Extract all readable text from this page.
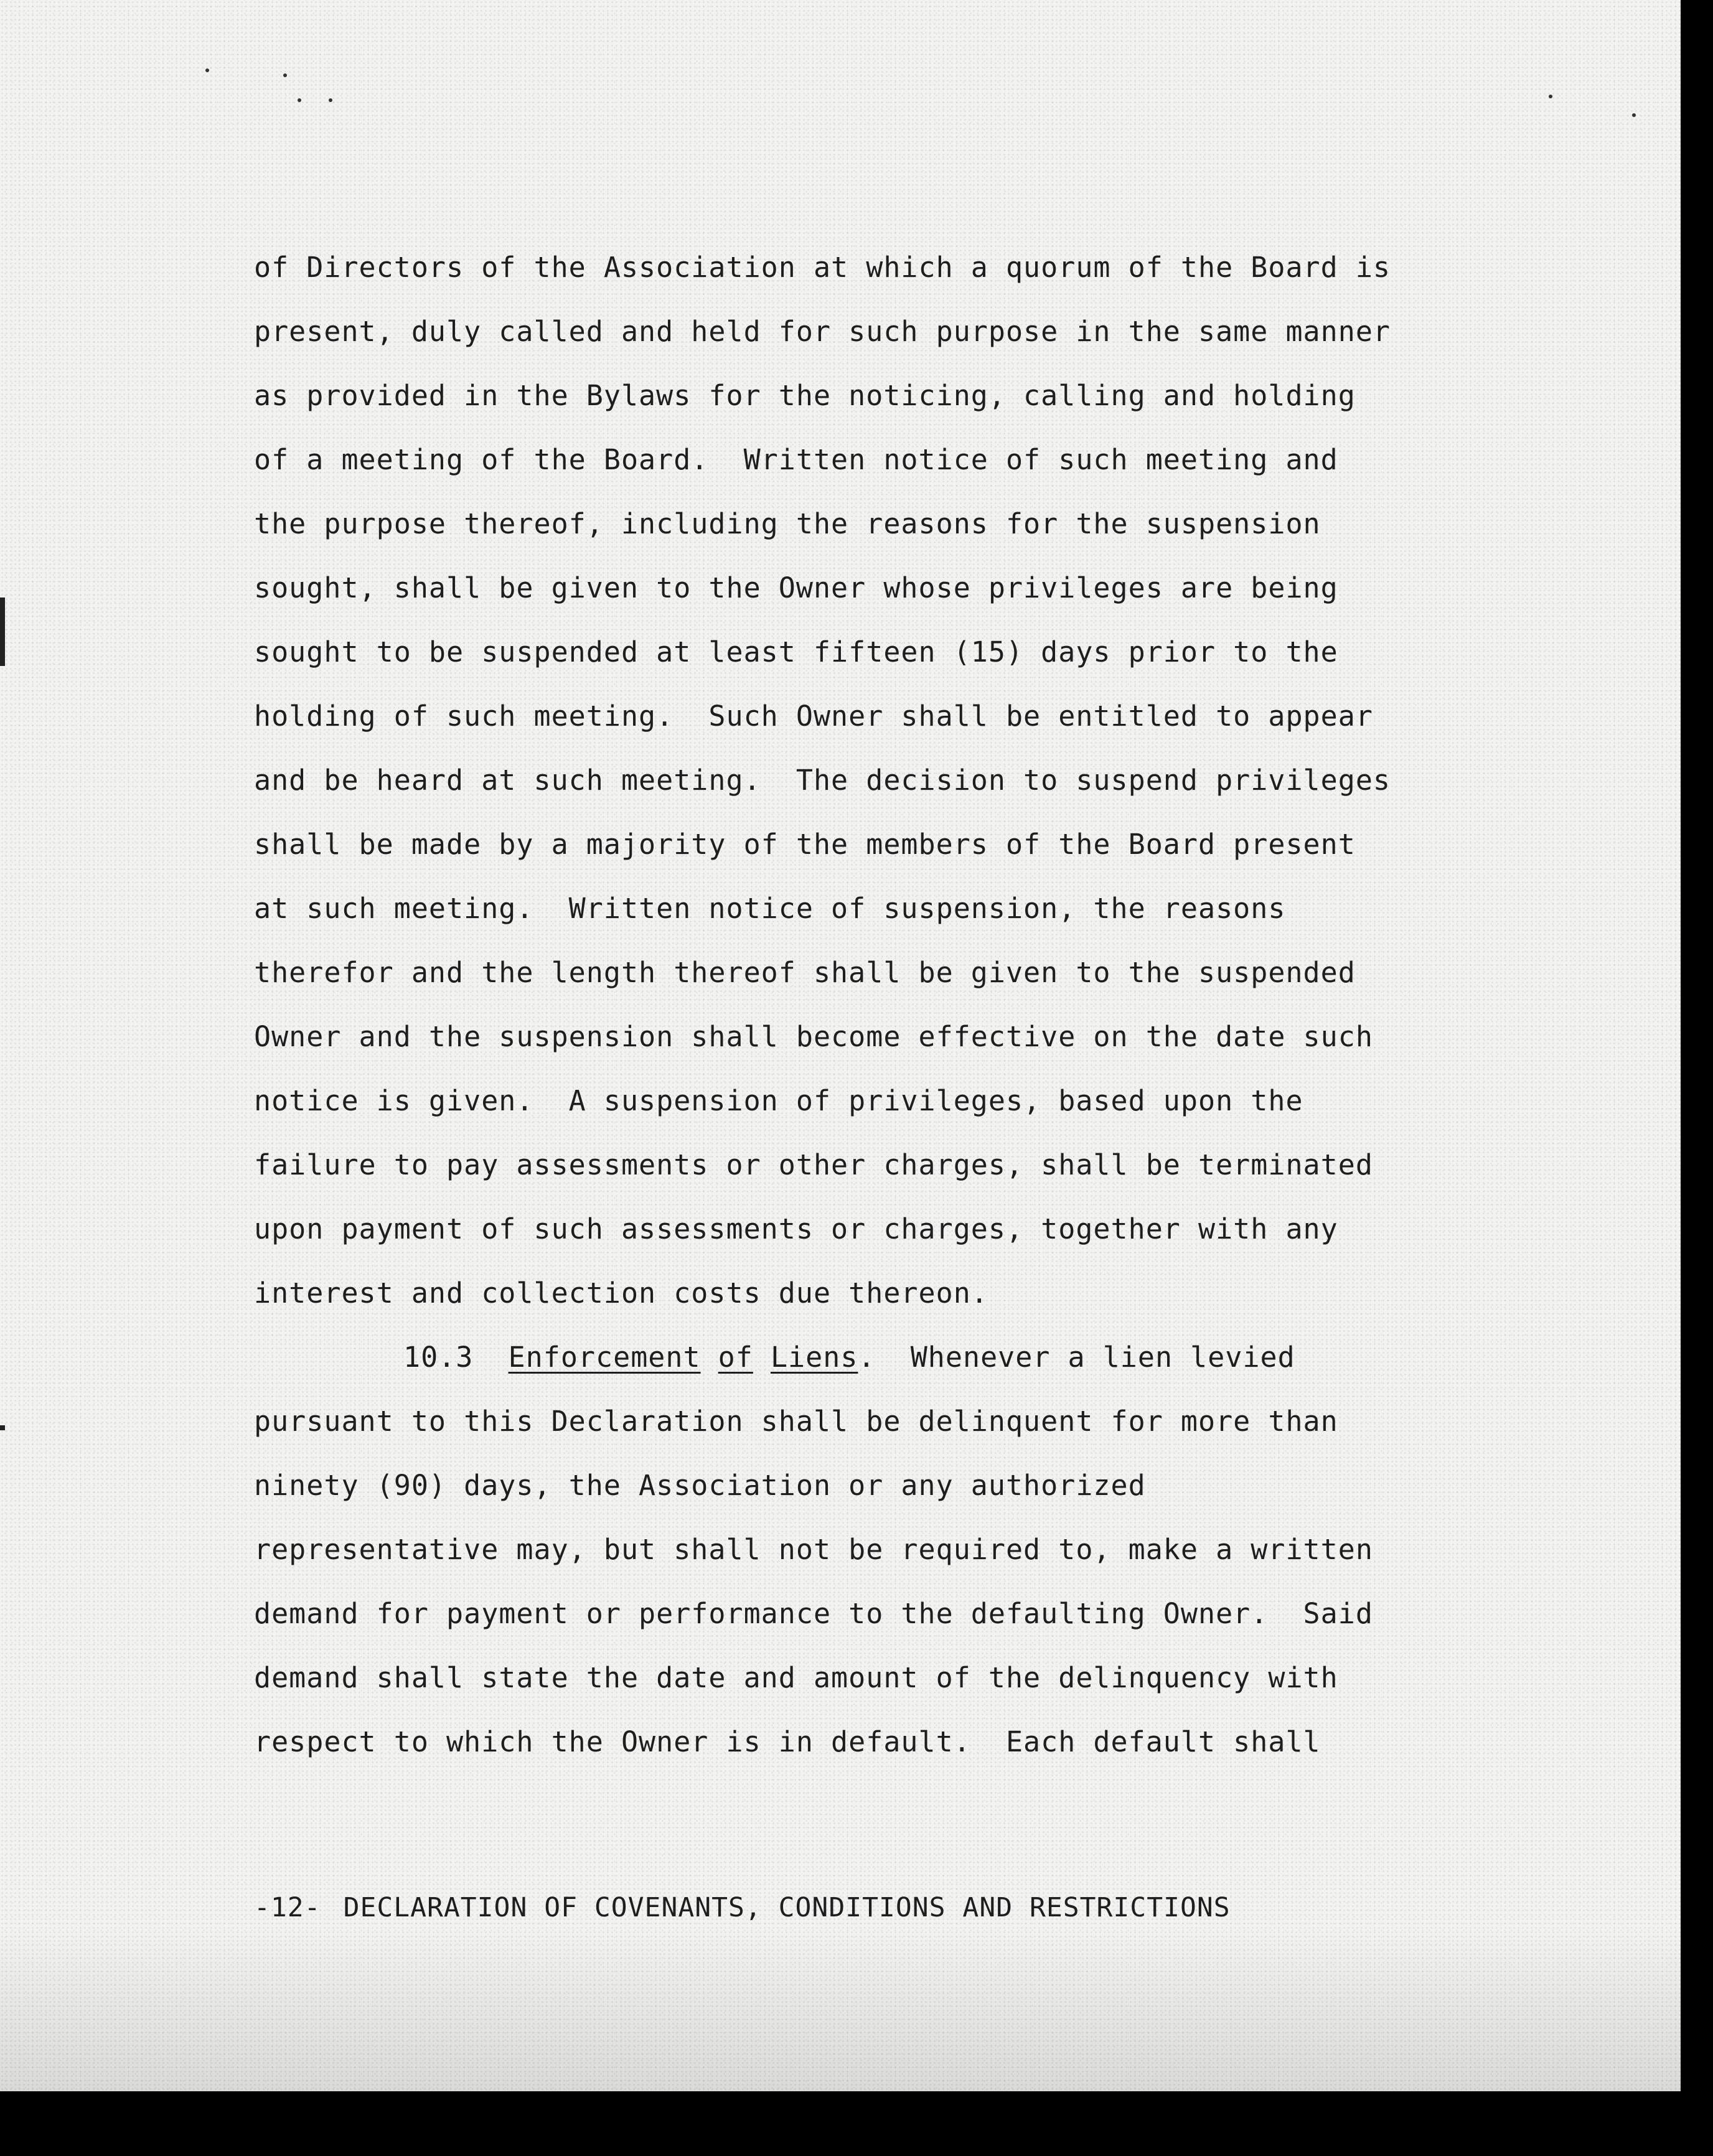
of Directors of the Association at which a quorum of the Board is
present, duly called and held for such purpose in the same manner
as provided in the Bylaws for the noticing, calling and holding
of a meeting of the Board.  Written notice of such meeting and
the purpose thereof, including the reasons for the suspension
sought, shall be given to the Owner whose privileges are being
sought to be suspended at least fifteen (15) days prior to the
holding of such meeting.  Such Owner shall be entitled to appear
and be heard at such meeting.  The decision to suspend privileges
shall be made by a majority of the members of the Board present
at such meeting.  Written notice of suspension, the reasons
therefor and the length thereof shall be given to the suspended
Owner and the suspension shall become effective on the date such
notice is given.  A suspension of privileges, based upon the
failure to pay assessments or other charges, shall be terminated
upon payment of such assessments or charges, together with any
interest and collection costs due thereon.
10.3 Enforcement of Liens. Whenever a lien levied
pursuant to this Declaration shall be delinquent for more than
ninety (90) days, the Association or any authorized
representative may, but shall not be required to, make a written
demand for payment or performance to the defaulting Owner.  Said
demand shall state the date and amount of the delinquency with
respect to which the Owner is in default.  Each default shall
-12- DECLARATION OF COVENANTS, CONDITIONS AND RESTRICTIONS
